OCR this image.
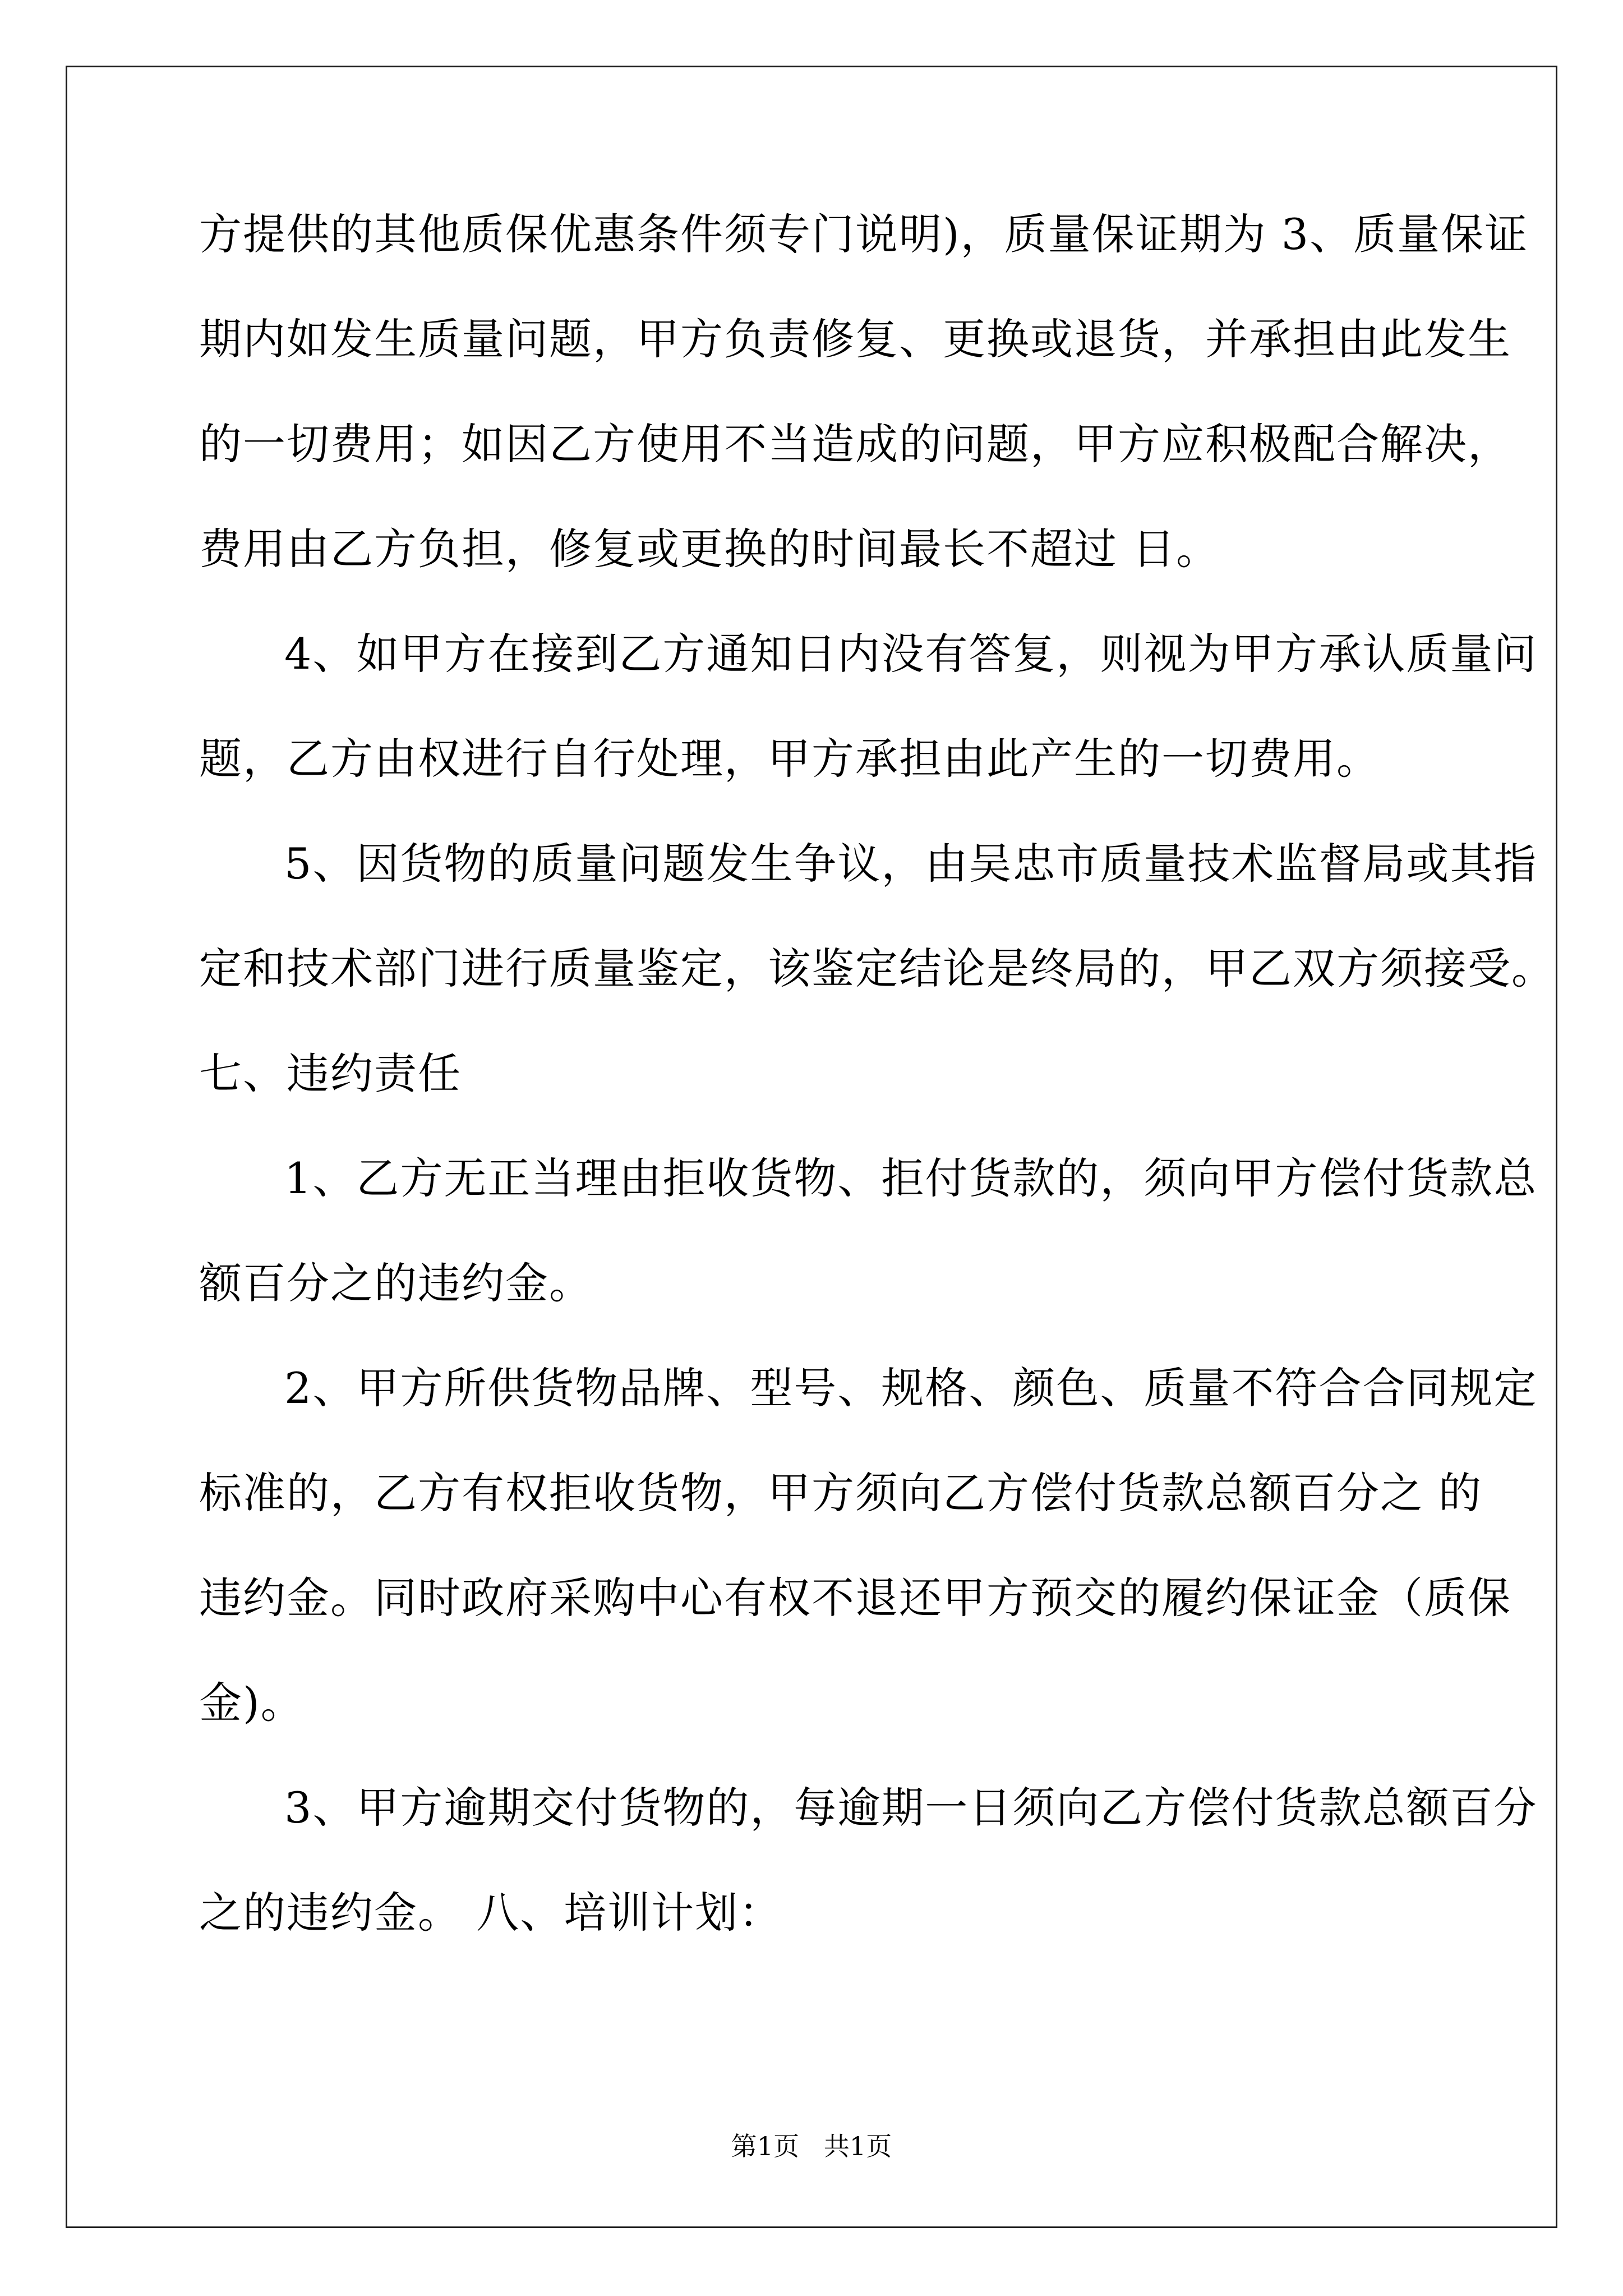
方提供的其他质保优惠条件须专门说明)，质量保证期为 3、质量保证
期内如发生质量问题，甲方负责修复、更换或退货，并承担由此发生
的一切费用；如因乙方使用不当造成的问题，甲方应积极配合解决，
费用由乙方负担，修复或更换的时间最长不超过 日。
4、如甲方在接到乙方通知日内没有答复，则视为甲方承认质量问
题，乙方由权进行自行处理，甲方承担由此产生的一切费用。
5、因货物的质量问题发生争议，由吴忠市质量技术监督局或其指
定和技术部门进行质量鉴定，该鉴定结论是终局的，甲乙双方须接受。
七、违约责任
1、乙方无正当理由拒收货物、拒付货款的，须向甲方偿付货款总
额百分之的违约金。
2、甲方所供货物品牌、型号、规格、颜色、质量不符合合同规定
标准的，乙方有权拒收货物，甲方须向乙方偿付货款总额百分之 的
违约金。同时政府采购中心有权不退还甲方预交的履约保证金（质保
金)。
3、甲方逾期交付货物的，每逾期一日须向乙方偿付货款总额百分
之的违约金。 八、培训计划：
第1页   共1页
